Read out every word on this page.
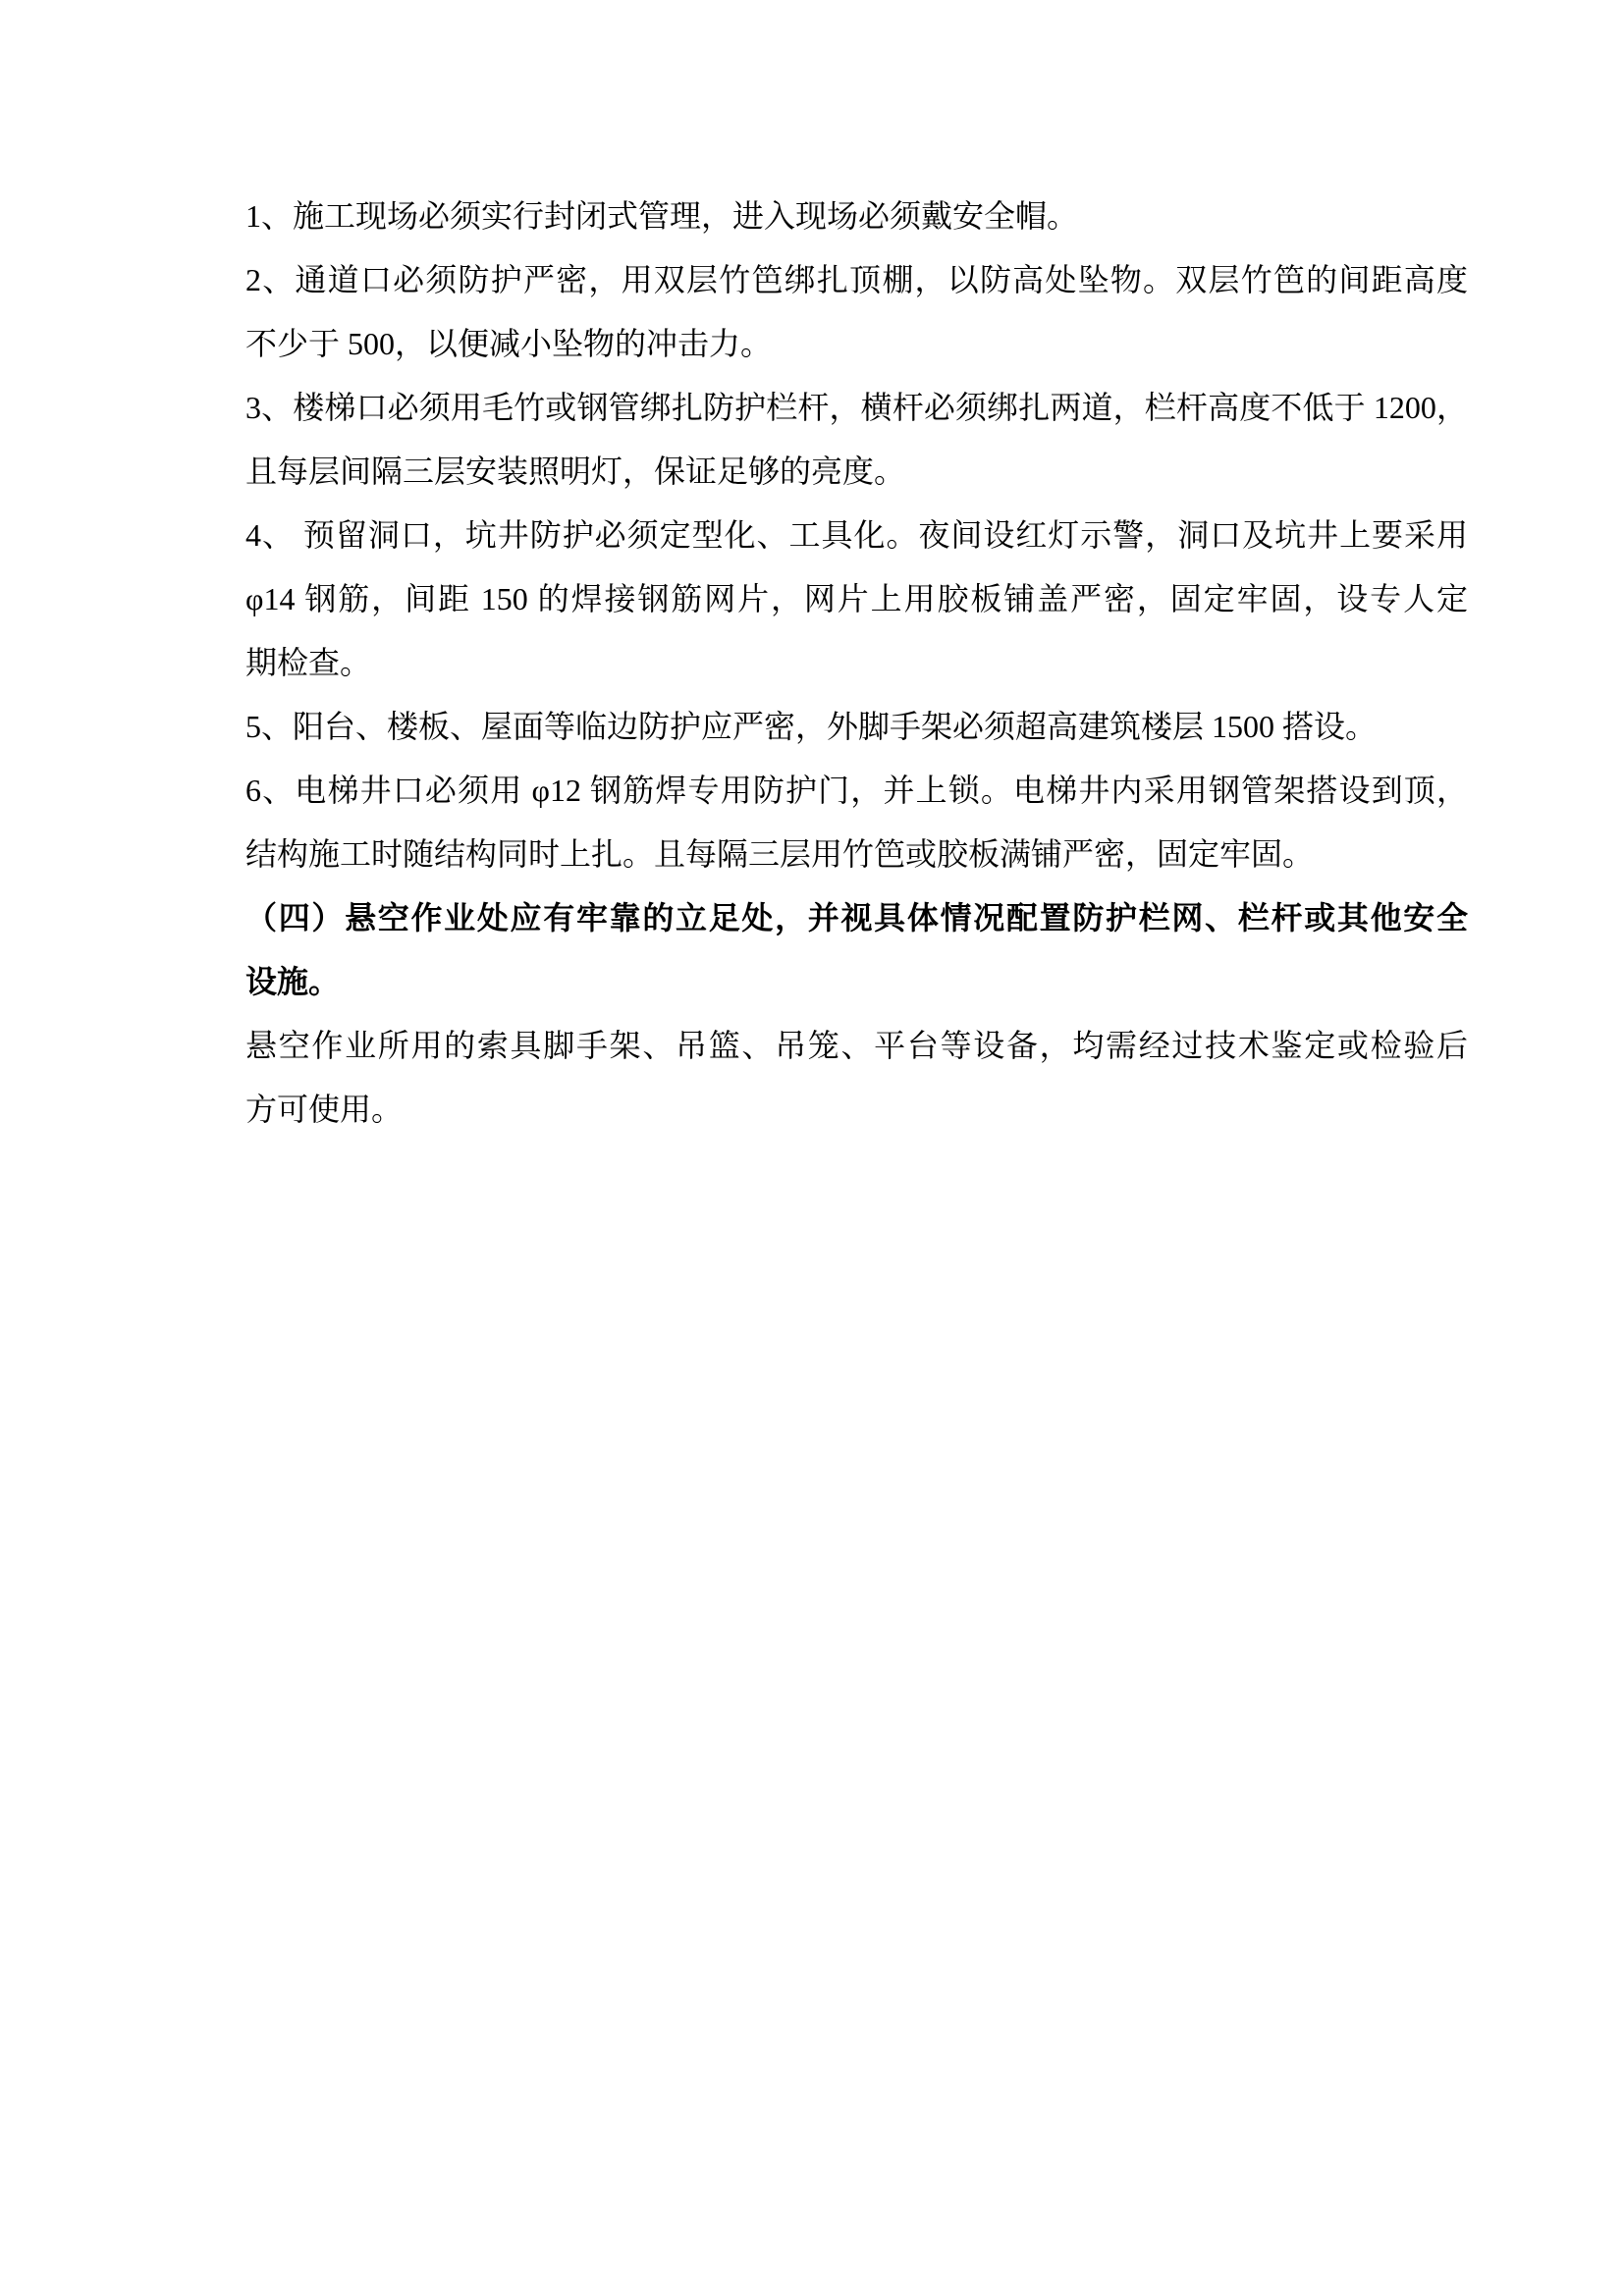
1、施工现场必须实行封闭式管理，进入现场必须戴安全帽。
2、通道口必须防护严密，用双层竹笆绑扎顶棚，以防高处坠物。双层竹笆的间距高度
不少于 500，以便减小坠物的冲击力。
3、楼梯口必须用毛竹或钢管绑扎防护栏杆，横杆必须绑扎两道，栏杆高度不低于 1200，
且每层间隔三层安装照明灯，保证足够的亮度。
4、 预留洞口，坑井防护必须定型化、工具化。夜间设红灯示警，洞口及坑井上要采用
φ14 钢筋，间距 150 的焊接钢筋网片，网片上用胶板铺盖严密，固定牢固，设专人定
期检查。
5、阳台、楼板、屋面等临边防护应严密，外脚手架必须超高建筑楼层 1500 搭设。
6、电梯井口必须用 φ12 钢筋焊专用防护门，并上锁。电梯井内采用钢管架搭设到顶，
结构施工时随结构同时上扎。且每隔三层用竹笆或胶板满铺严密，固定牢固。
（四）悬空作业处应有牢靠的立足处，并视具体情况配置防护栏网、栏杆或其他安全
设施。
悬空作业所用的索具脚手架、吊篮、吊笼、平台等设备，均需经过技术鉴定或检验后
方可使用。
